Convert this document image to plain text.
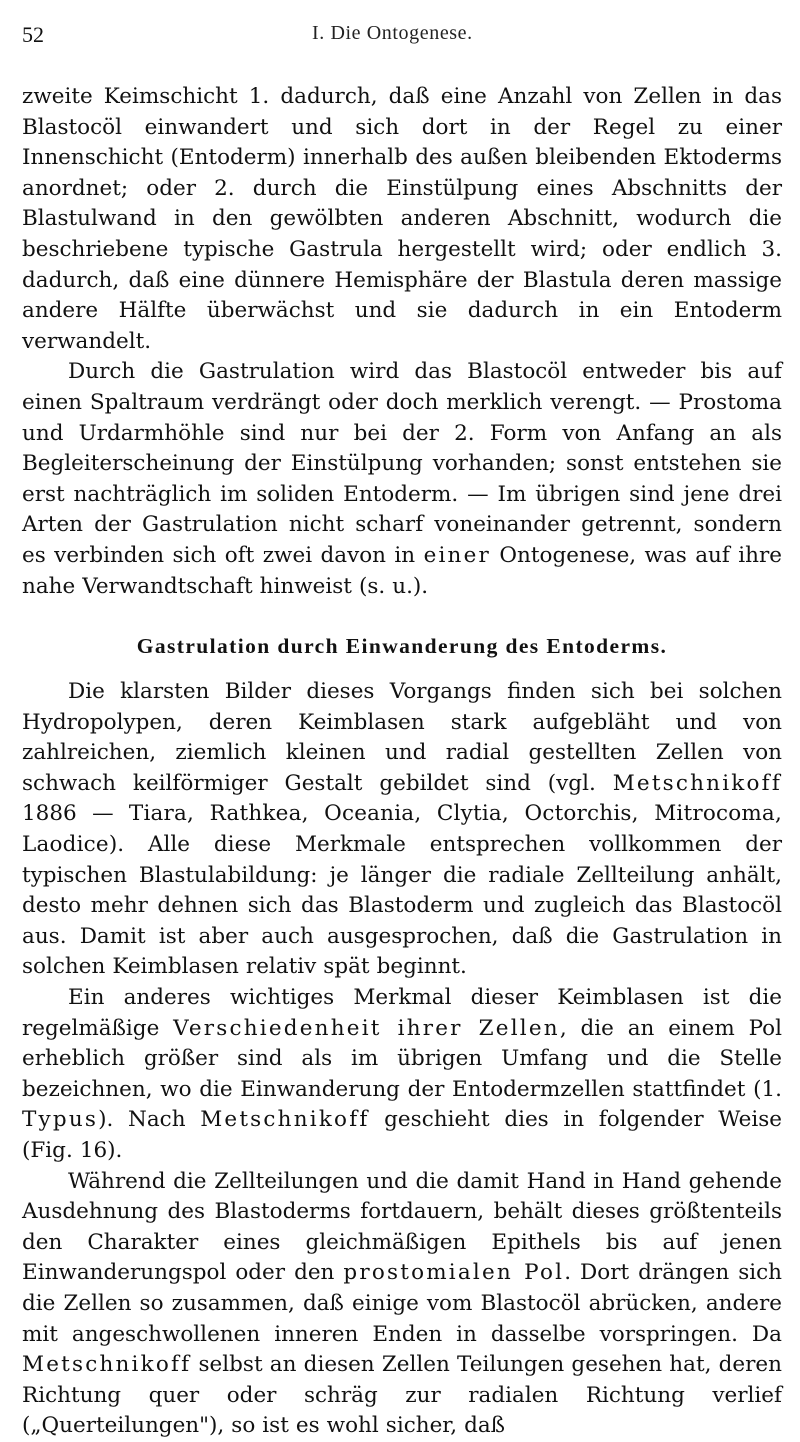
52	I. Die Ontogenese.

zweite Keimschicht 1. dadurch, daß eine Anzahl von Zellen in das Blastocöl einwandert und sich dort in der Regel zu einer Innenschicht (Entoderm) innerhalb des außen bleibenden Ektoderms anordnet; oder 2. durch die Einstülpung eines Abschnitts der Blastulwand in den gewölbten anderen Abschnitt, wodurch die beschriebene typische Gastrula hergestellt wird; oder endlich 3. dadurch, daß eine dünnere Hemisphäre der Blastula deren massige andere Hälfte überwächst und sie dadurch in ein Entoderm verwandelt.

Durch die Gastrulation wird das Blastocöl entweder bis auf einen Spaltraum verdrängt oder doch merklich verengt. — Prostoma und Urdarmhöhle sind nur bei der 2. Form von Anfang an als Begleiterscheinung der Einstülpung vorhanden; sonst entstehen sie erst nachträglich im soliden Entoderm. — Im übrigen sind jene drei Arten der Gastrulation nicht scharf voneinander getrennt, sondern es verbinden sich oft zwei davon in einer Ontogenese, was auf ihre nahe Verwandtschaft hinweist (s. u.).

Gastrulation durch Einwanderung des Entoderms.

Die klarsten Bilder dieses Vorgangs finden sich bei solchen Hydropolypen, deren Keimblasen stark aufgebläht und von zahlreichen, ziemlich kleinen und radial gestellten Zellen von schwach keilförmiger Gestalt gebildet sind (vgl. Metschnikoff 1886 — Tiara, Rathkea, Oceania, Clytia, Octorchis, Mitrocoma, Laodice). Alle diese Merkmale entsprechen vollkommen der typischen Blastulabildung: je länger die radiale Zellteilung anhält, desto mehr dehnen sich das Blastoderm und zugleich das Blastocöl aus. Damit ist aber auch ausgesprochen, daß die Gastrulation in solchen Keimblasen relativ spät beginnt.

Ein anderes wichtiges Merkmal dieser Keimblasen ist die regelmäßige Verschiedenheit ihrer Zellen, die an einem Pol erheblich größer sind als im übrigen Umfang und die Stelle bezeichnen, wo die Einwanderung der Entodermzellen stattfindet (1. Typus). Nach Metschnikoff geschieht dies in folgender Weise (Fig. 16).

Während die Zellteilungen und die damit Hand in Hand gehende Ausdehnung des Blastoderms fortdauern, behält dieses größtenteils den Charakter eines gleichmäßigen Epithels bis auf jenen Einwanderungspol oder den prostomialen Pol. Dort drängen sich die Zellen so zusammen, daß einige vom Blastocöl abrücken, andere mit angeschwollenen inneren Enden in dasselbe vorspringen. Da Metschnikoff selbst an diesen Zellen Teilungen gesehen hat, deren Richtung quer oder schräg zur radialen Richtung verlief („Querteilungen"), so ist es wohl sicher, daß
